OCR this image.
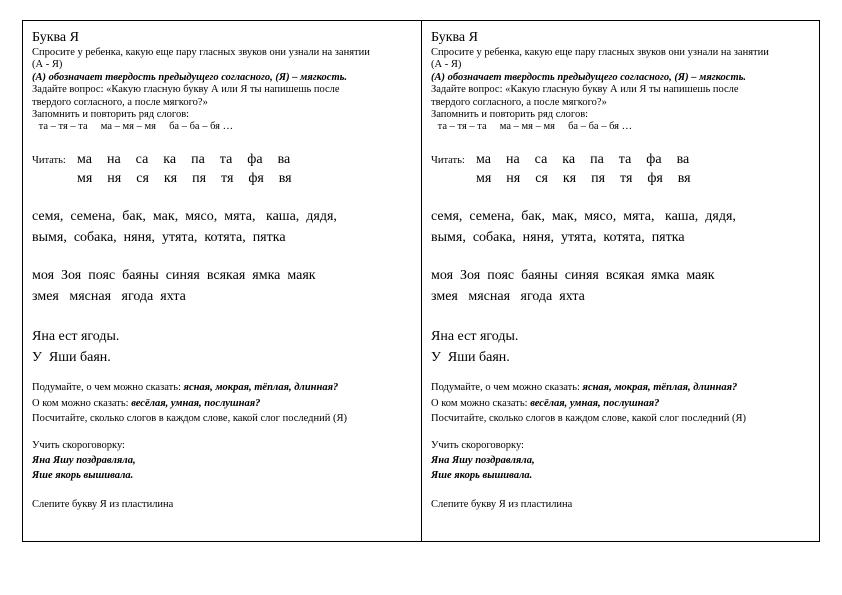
Буква Я

Спросите у ребенка, какую еще пару гласных звуков они узнали на занятии

(А - Я)

(А) обозначает твердость предыдущего согласного, (Я) – мягкость.

Задайте вопрос: «Какую гласную букву А или Я ты напишешь после

твердого согласного, а после мягкого?»

Запомнить и повторить ряд слогов:

та – тя – та     ма – мя – мя     ба – ба – бя …

Читать: ма  на  са  ка  па  та  фа  ва
мя  ня  ся  кя  пя  тя  фя  вя

семя,  семена,  бак,  мак,  мясо,  мята,   каша,  дядя,

вымя,  собака,  няня,  утята,  котята,  пятка

моя  Зоя  пояс  баяны  синяя  всякая  ямка  маяк

змея   мясная   ягода  яхта

Яна ест ягоды.

У  Яши баян.

Подумайте, о чем можно сказать: ясная, мокрая, тёплая, длинная?

О ком можно сказать: весёлая, умная, послушная?

Посчитайте, сколько слогов в каждом слове, какой слог последний (Я)

Учить скороговорку:

Яна Яшу поздравляла,

Яше якорь вышивала.

Слепите букву Я из пластилина

Буква Я

Спросите у ребенка, какую еще пару гласных звуков они узнали на занятии

(А - Я)

(А) обозначает твердость предыдущего согласного, (Я) – мягкость.

Задайте вопрос: «Какую гласную букву А или Я ты напишешь после

твердого согласного, а после мягкого?»

Запомнить и повторить ряд слогов:

та – тя – та     ма – мя – мя     ба – ба – бя …

Читать: ма  на  са  ка  па  та  фа  ва
мя  ня  ся  кя  пя  тя  фя  вя

семя,  семена,  бак,  мак,  мясо,  мята,   каша,  дядя,

вымя,  собака,  няня,  утята,  котята,  пятка

моя  Зоя  пояс  баяны  синяя  всякая  ямка  маяк

змея   мясная   ягода  яхта

Яна ест ягоды.

У  Яши баян.

Подумайте, о чем можно сказать: ясная, мокрая, тёплая, длинная?

О ком можно сказать: весёлая, умная, послушная?

Посчитайте, сколько слогов в каждом слове, какой слог последний (Я)

Учить скороговорку:

Яна Яшу поздравляла,

Яше якорь вышивала.

Слепите букву Я из пластилина
